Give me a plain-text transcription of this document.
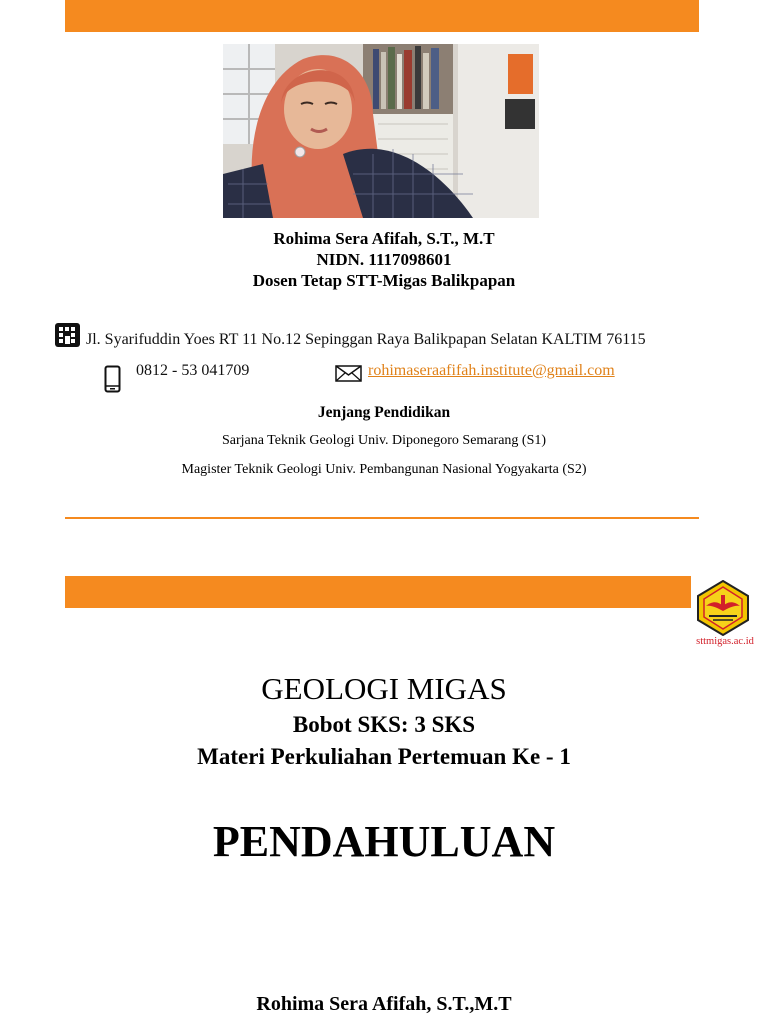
Rohima Sera Afifah, S.T., M.T
NIDN. 1117098601
Dosen Tetap STT-Migas Balikpapan
Jl. Syarifuddin Yoes RT 11 No.12 Sepinggan Raya Balikpapan Selatan KALTIM 76115
0812 - 53 041709	rohimaseraafifah.institute@gmail.com
Jenjang Pendidikan
Sarjana Teknik Geologi Univ. Diponegoro Semarang (S1)
Magister Teknik Geologi Univ. Pembangunan Nasional Yogyakarta (S2)
sttmigas.ac.id
GEOLOGI MIGAS
Bobot SKS: 3 SKS
Materi Perkuliahan Pertemuan Ke - 1
PENDAHULUAN
Rohima Sera Afifah, S.T.,M.T
